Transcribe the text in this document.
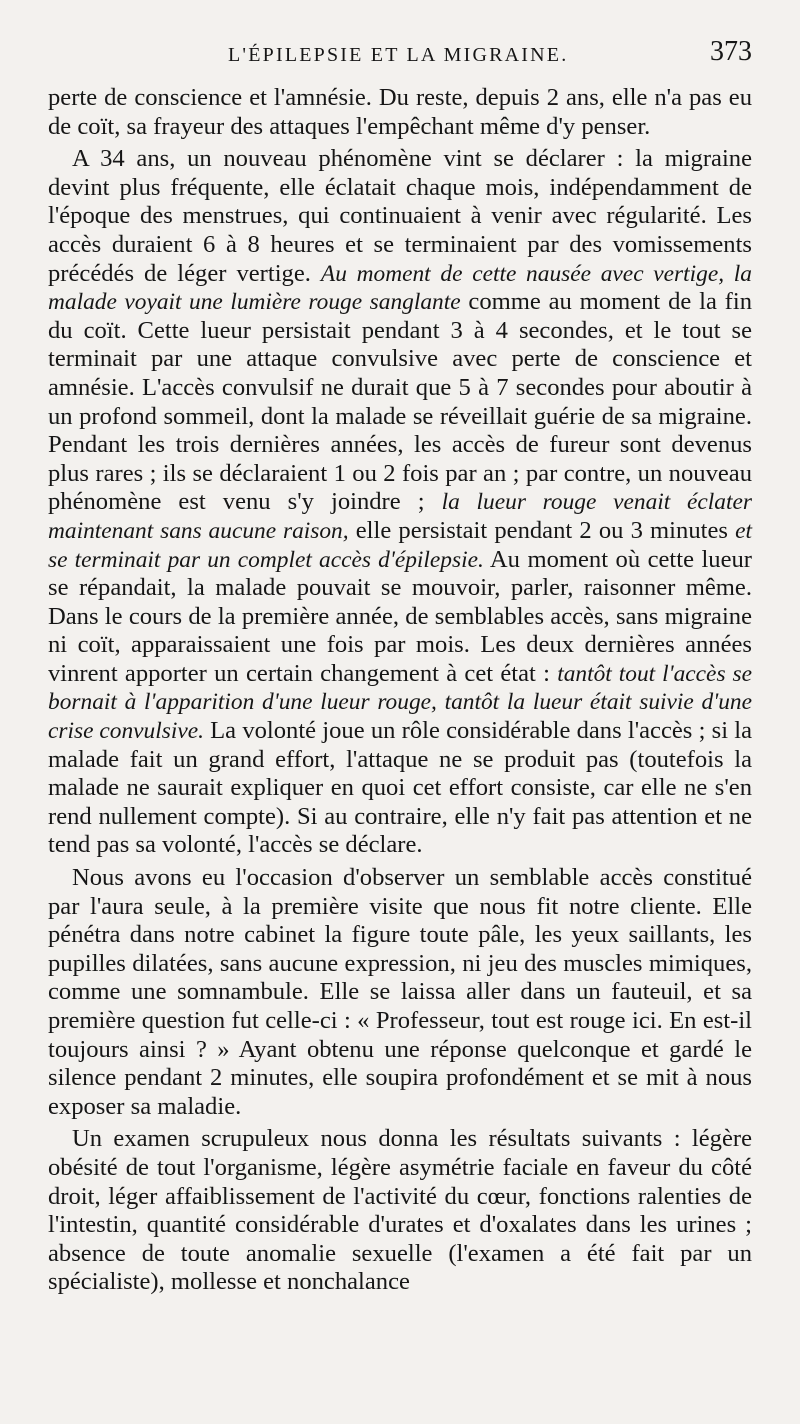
L'ÉPILEPSIE ET LA MIGRAINE.	373

perte de conscience et l'amnésie. Du reste, depuis 2 ans, elle n'a pas eu de coït, sa frayeur des attaques l'empêchant même d'y penser.

A 34 ans, un nouveau phénomène vint se déclarer : la migraine devint plus fréquente, elle éclatait chaque mois, indépendamment de l'époque des menstrues, qui continuaient à venir avec régularité. Les accès duraient 6 à 8 heures et se terminaient par des vomissements précédés de léger vertige. Au moment de cette nausée avec vertige, la malade voyait une lumière rouge sanglante comme au moment de la fin du coït. Cette lueur persistait pendant 3 à 4 secondes, et le tout se terminait par une attaque convulsive avec perte de conscience et amnésie. L'accès convulsif ne durait que 5 à 7 secondes pour aboutir à un profond sommeil, dont la malade se réveillait guérie de sa migraine. Pendant les trois dernières années, les accès de fureur sont devenus plus rares ; ils se déclaraient 1 ou 2 fois par an ; par contre, un nouveau phénomène est venu s'y joindre ; la lueur rouge venait éclater maintenant sans aucune raison, elle persistait pendant 2 ou 3 minutes et se terminait par un complet accès d'épilepsie. Au moment où cette lueur se répandait, la malade pouvait se mouvoir, parler, raisonner même. Dans le cours de la première année, de semblables accès, sans migraine ni coït, apparaissaient une fois par mois. Les deux dernières années vinrent apporter un certain changement à cet état : tantôt tout l'accès se bornait à l'apparition d'une lueur rouge, tantôt la lueur était suivie d'une crise convulsive. La volonté joue un rôle considérable dans l'accès ; si la malade fait un grand effort, l'attaque ne se produit pas (toutefois la malade ne saurait expliquer en quoi cet effort consiste, car elle ne s'en rend nullement compte). Si au contraire, elle n'y fait pas attention et ne tend pas sa volonté, l'accès se déclare.

Nous avons eu l'occasion d'observer un semblable accès constitué par l'aura seule, à la première visite que nous fit notre cliente. Elle pénétra dans notre cabinet la figure toute pâle, les yeux saillants, les pupilles dilatées, sans aucune expression, ni jeu des muscles mimiques, comme une somnambule. Elle se laissa aller dans un fauteuil, et sa première question fut celle-ci : « Professeur, tout est rouge ici. En est-il toujours ainsi ? » Ayant obtenu une réponse quelconque et gardé le silence pendant 2 minutes, elle soupira profondément et se mit à nous exposer sa maladie.

Un examen scrupuleux nous donna les résultats suivants : légère obésité de tout l'organisme, légère asymétrie faciale en faveur du côté droit, léger affaiblissement de l'activité du cœur, fonctions ralenties de l'intestin, quantité considérable d'urates et d'oxalates dans les urines ; absence de toute anomalie sexuelle (l'examen a été fait par un spécialiste), mollesse et nonchalance
